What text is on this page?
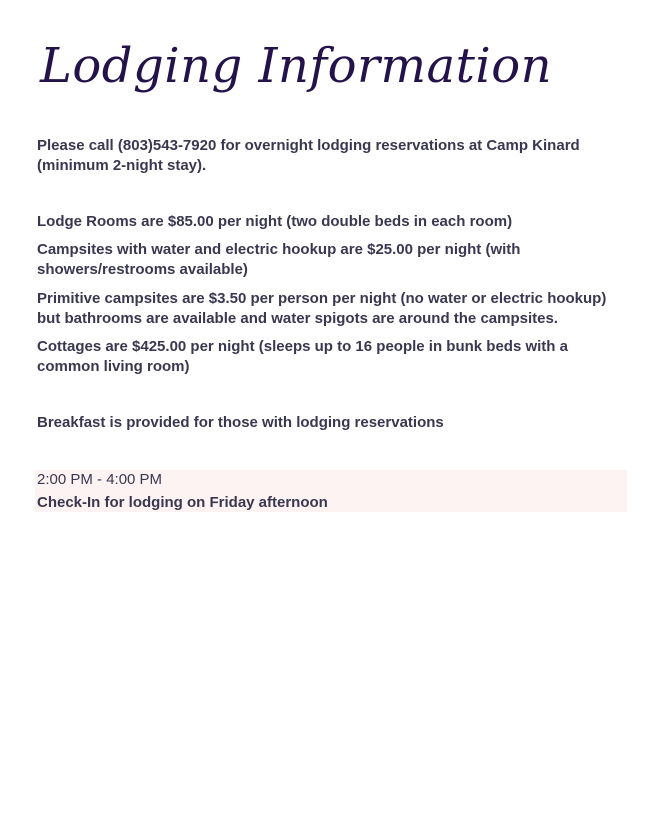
Lodging Information

Please call (803)543-7920 for overnight lodging reservations at Camp Kinard (minimum 2-night stay).

Lodge Rooms are $85.00 per night (two double beds in each room)

Campsites with water and electric hookup are $25.00 per night (with showers/restrooms available)

Primitive campsites are $3.50 per person per night (no water or electric hookup) but bathrooms are available and water spigots are around the campsites.

Cottages are $425.00 per night (sleeps up to 16 people in bunk beds with a common living room)

Breakfast is provided for those with lodging reservations

2:00 PM - 4:00 PM
Check-In for lodging on Friday afternoon
